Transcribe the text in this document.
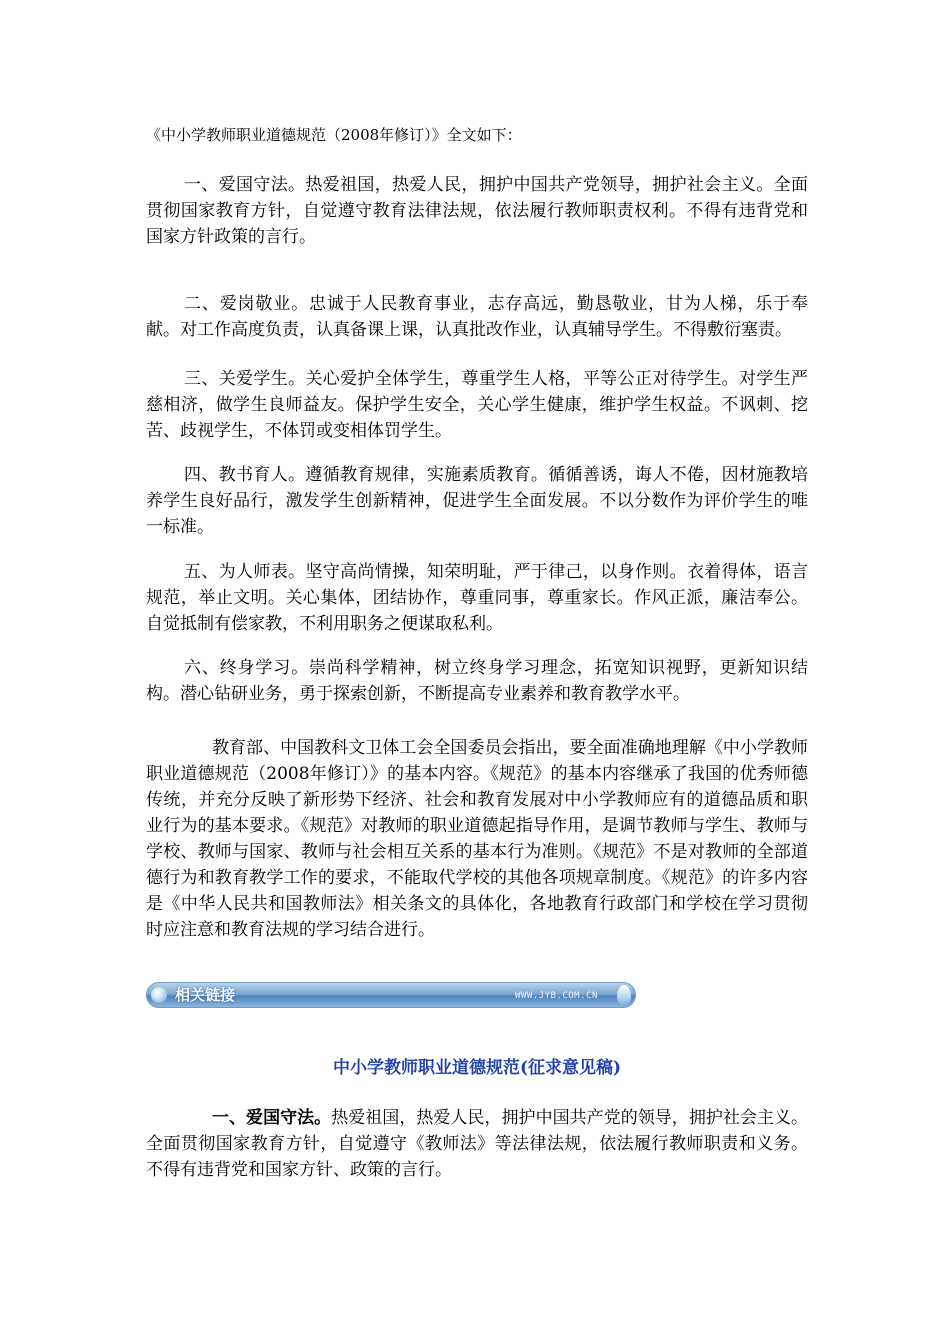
《中小学教师职业道德规范（2008年修订）》全文如下：

一、爱国守法。热爱祖国，热爱人民，拥护中国共产党领导，拥护社会主义。全面贯彻国家教育方针，自觉遵守教育法律法规，依法履行教师职责权利。不得有违背党和国家方针政策的言行。

二、爱岗敬业。忠诚于人民教育事业，志存高远，勤恳敬业，甘为人梯，乐于奉献。对工作高度负责，认真备课上课，认真批改作业，认真辅导学生。不得敷衍塞责。

三、关爱学生。关心爱护全体学生，尊重学生人格，平等公正对待学生。对学生严慈相济，做学生良师益友。保护学生安全，关心学生健康，维护学生权益。不讽刺、挖苦、歧视学生，不体罚或变相体罚学生。

四、教书育人。遵循教育规律，实施素质教育。循循善诱，诲人不倦，因材施教培养学生良好品行，激发学生创新精神，促进学生全面发展。不以分数作为评价学生的唯一标准。

五、为人师表。坚守高尚情操，知荣明耻，严于律己，以身作则。衣着得体，语言规范，举止文明。关心集体，团结协作，尊重同事，尊重家长。作风正派，廉洁奉公。自觉抵制有偿家教，不利用职务之便谋取私利。

六、终身学习。崇尚科学精神，树立终身学习理念，拓宽知识视野，更新知识结构。潜心钻研业务，勇于探索创新，不断提高专业素养和教育教学水平。

教育部、中国教科文卫体工会全国委员会指出，要全面准确地理解《中小学教师职业道德规范（2008年修订）》的基本内容。《规范》的基本内容继承了我国的优秀师德传统，并充分反映了新形势下经济、社会和教育发展对中小学教师应有的道德品质和职业行为的基本要求。《规范》对教师的职业道德起指导作用，是调节教师与学生、教师与学校、教师与国家、教师与社会相互关系的基本行为准则。《规范》不是对教师的全部道德行为和教育教学工作的要求，不能取代学校的其他各项规章制度。《规范》的许多内容是《中华人民共和国教师法》相关条文的具体化，各地教育行政部门和学校在学习贯彻时应注意和教育法规的学习结合进行。

相关链接	WWW.JYB.COM.CN

中小学教师职业道德规范(征求意见稿)

一、爱国守法。热爱祖国，热爱人民，拥护中国共产党的领导，拥护社会主义。全面贯彻国家教育方针，自觉遵守《教师法》等法律法规，依法履行教师职责和义务。不得有违背党和国家方针、政策的言行。
